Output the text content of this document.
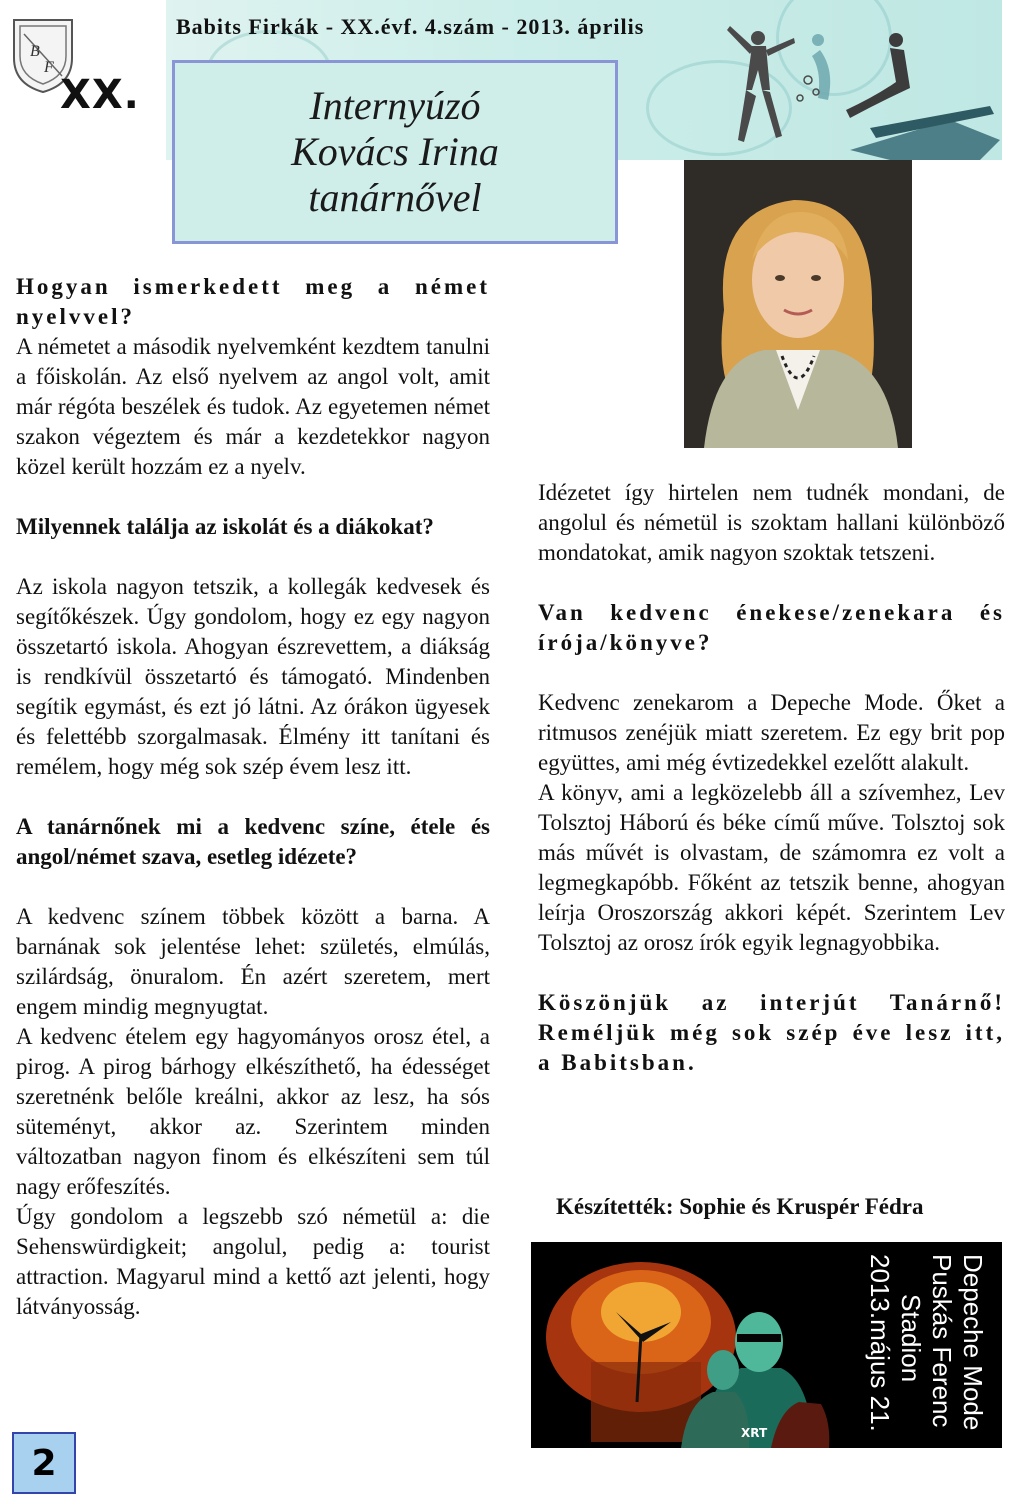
B
F
XX.
Babits Firkák - XX.évf. 4.szám - 2013. április
Internyúzó
Kovács Irina
tanárnővel

Hogyan ismerkedett meg a német nyelvvel?

A németet a második nyelvemként kezdtem tanulni a főiskolán. Az első nyelvem az angol volt, amit már régóta beszélek és tudok. Az egyetemen német szakon végeztem és már a kezdetekkor nagyon közel került hozzám ez a nyelv.

Milyennek találja az iskolát és a diákokat?

Az iskola nagyon tetszik, a kollegák kedvesek és segítőkészek. Úgy gondolom, hogy ez egy nagyon összetartó iskola. Ahogyan észrevettem, a diákság is rendkívül összetartó és támogató. Mindenben segítik egymást, és ezt jó látni. Az órákon ügyesek és felettébb szorgalmasak. Élmény itt tanítani és remélem, hogy még sok szép évem lesz itt.

A tanárnőnek mi a kedvenc színe, étele és angol/német szava, esetleg idézete?

A kedvenc színem többek között a barna. A barnának sok jelentése lehet: születés, elmúlás, szilárdság, önuralom. Én azért szeretem, mert engem mindig megnyugtat.

A kedvenc ételem egy hagyományos orosz étel, a pirog. A pirog bárhogy elkészíthető, ha édességet szeretnénk belőle kreálni, akkor az lesz, ha sós süteményt, akkor az. Szerintem minden változatban nagyon finom és elkészíteni sem túl nagy erőfeszítés.

Úgy gondolom a legszebb szó németül a: die Sehenswürdigkeit; angolul, pedig a: tourist attraction. Magyarul mind a kettő azt jelenti, hogy látványosság.

Idézetet így hirtelen nem tudnék mondani, de angolul és németül is szoktam hallani különböző mondatokat, amik nagyon szoktak tetszeni.

Van kedvenc énekese/zenekara és írója/könyve?

Kedvenc zenekarom a Depeche Mode. Őket a ritmusos zenéjük miatt szeretem. Ez egy brit pop együttes, ami még évtizedekkel ezelőtt alakult.

A könyv, ami a legközelebb áll a szívemhez, Lev Tolsztoj Háború és béke című műve. Tolsztoj sok más művét is olvastam, de számomra ez volt a legmegkapóbb. Főként az tetszik benne, ahogyan leírja Oroszország akkori képét. Szerintem Lev Tolsztoj az orosz írók egyik legnagyobbika.

Köszönjük az interjút Tanárnő! Reméljük még sok szép éve lesz itt, a Babitsban.

Készítették: Sophie és Kruspér Fédra
XRT
Depeche Mode
Puskás Ferenc
Stadion
2013.május 21.
2
